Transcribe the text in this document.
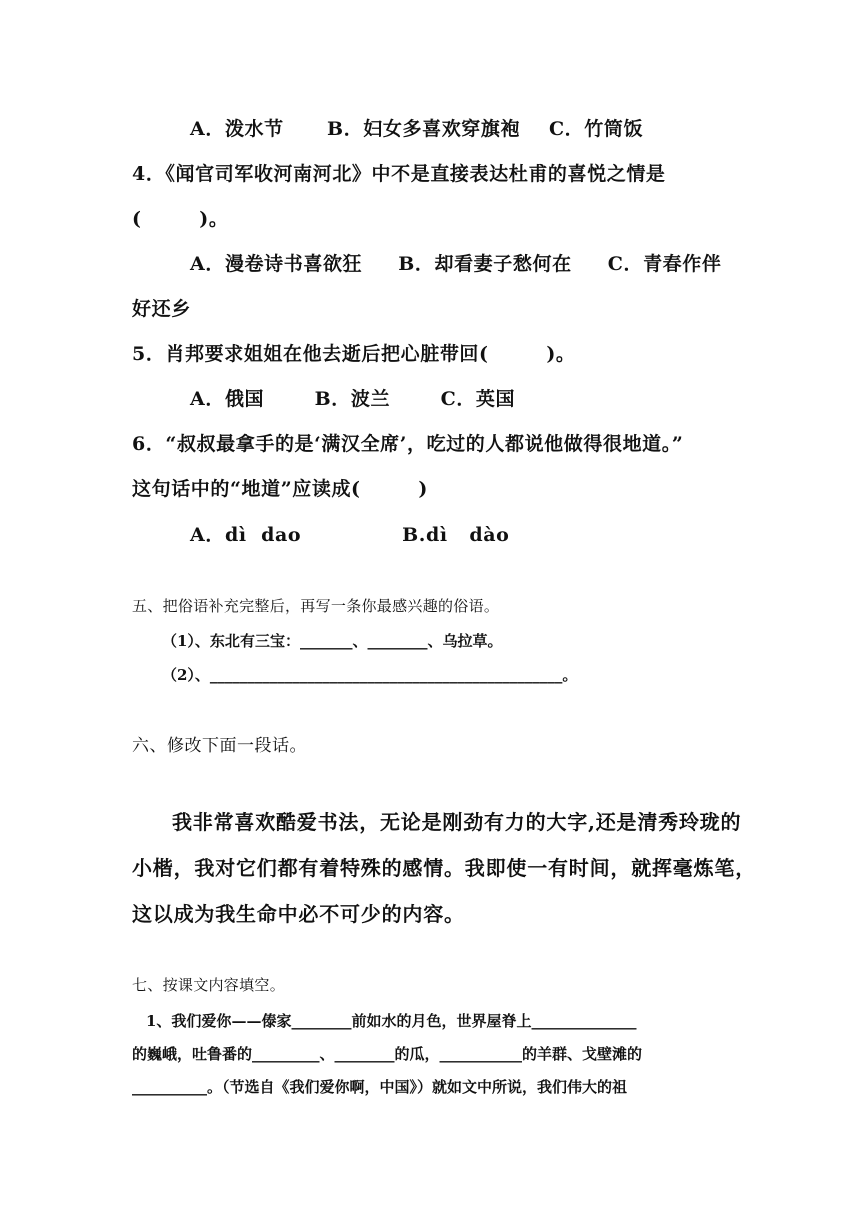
A．泼水节      B．妇女多喜欢穿旗袍    C．竹筒饭
4．《闻官司军收河南河北》中不是直接表达杜甫的喜悦之情是
(        )。
A．漫卷诗书喜欲狂     B．却看妻子愁何在     C．青春作伴
好还乡
5．肖邦要求姐姐在他去逝后把心脏带回(        )。
A．俄国       B．波兰       C．英国
6．“叔叔最拿手的是‘满汉全席’，吃过的人都说他做得很地道。”
这句话中的“地道”应读成(        )
A．dì  dao              B.dì   dào
五、把俗语补充完整后，再写一条你最感兴趣的俗语。
（1）、东北有三宝：_______、________、乌拉草。
（2）、_______________________________________________。
六、修改下面一段话。
我非常喜欢酷爱书法，无论是刚劲有力的大字,还是清秀玲珑的
小楷，我对它们都有着特殊的感情。我即使一有时间，就挥毫炼笔，
这以成为我生命中必不可少的内容。
七、按课文内容填空。
1、我们爱你——傣家________前如水的月色，世界屋脊上______________
的巍峨，吐鲁番的_________、________的瓜，___________的羊群、戈壁滩的
__________。（节选自《我们爱你啊，中国》）就如文中所说，我们伟大的祖
